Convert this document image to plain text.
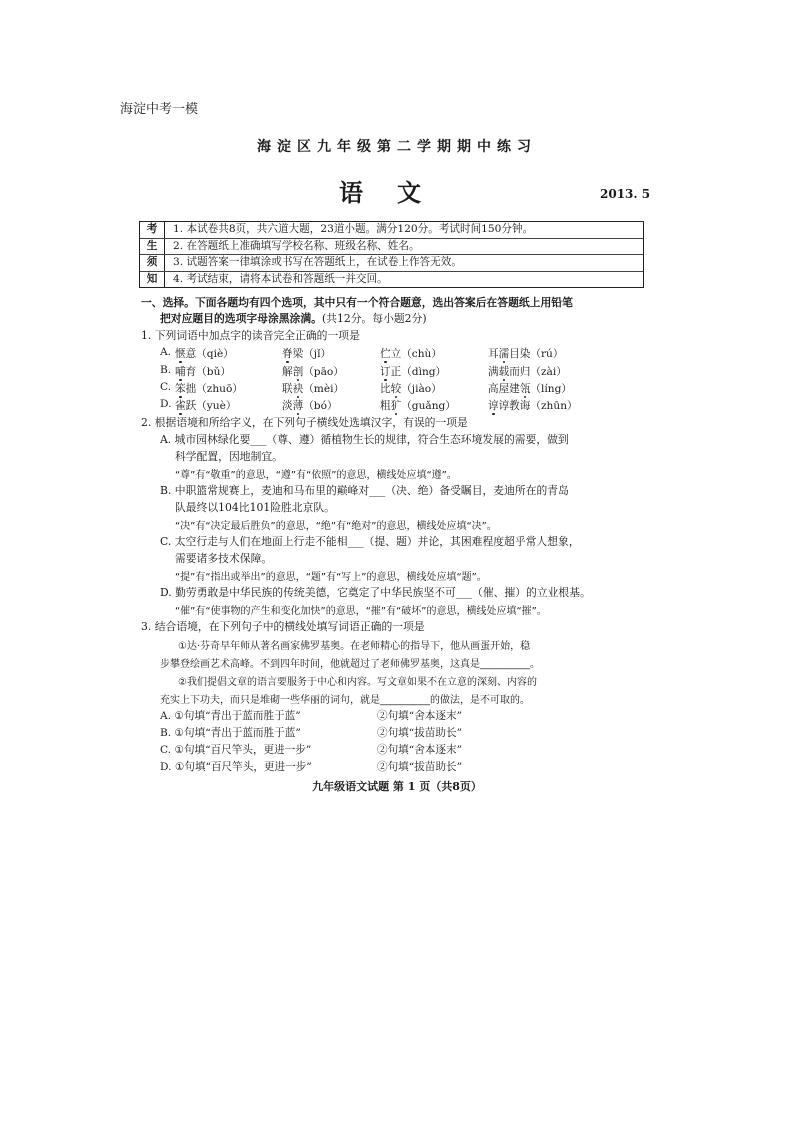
海淀中考一模
海淀区九年级第二学期期中练习
语文	2013. 5
考	1. 本试卷共8页，共六道大题，23道小题。满分120分。考试时间150分钟。
生	2. 在答题纸上准确填写学校名称、班级名称、姓名。
须	3. 试题答案一律填涂或书写在答题纸上，在试卷上作答无效。
知	4. 考试结束，请将本试卷和答题纸一并交回。
一、选择。下面各题均有四个选项，其中只有一个符合题意，选出答案后在答题纸上用铅笔
把对应题目的选项字母涂黑涂满。(共12分。每小题2分)
1. 下列词语中加点字的读音完全正确的一项是
A. 惬意（qiè）	脊梁（jǐ）	伫立（chù）	耳濡目染（rú）
B. 哺育（bǔ）	解剖（pāo）	订正（dìng）	满载而归（zài）
C. 笨拙（zhuō）	联袂（mèi）	比较（jiào）	高屋建瓴（líng）
D. 雀跃（yuè）	淡薄（bó）	粗犷（guǎng）	谆谆教诲（zhūn）
2. 根据语境和所给字义，在下列句子横线处选填汉字，有误的一项是
A. 城市园林绿化要___（尊、遵）循植物生长的规律，符合生态环境发展的需要，做到
科学配置，因地制宜。
“尊”有“敬重”的意思，“遵”有“依照”的意思，横线处应填“遵”。
B. 中职篮常规赛上，麦迪和马布里的巅峰对___（决、绝）备受瞩目，麦迪所在的青岛
队最终以104比101险胜北京队。
“决”有“决定最后胜负”的意思，“绝”有“绝对”的意思，横线处应填“决”。
C. 太空行走与人们在地面上行走不能相___（提、题）并论，其困难程度超乎常人想象，
需要诸多技术保障。
“提”有“指出或举出”的意思，“题”有“写上”的意思，横线处应填“题”。
D. 勤劳勇敢是中华民族的传统美德，它奠定了中华民族坚不可___（催、摧）的立业根基。
“催”有“使事物的产生和变化加快”的意思，“摧”有“破坏”的意思，横线处应填“摧”。
3. 结合语境，在下列句子中的横线处填写词语正确的一项是
①达·芬奇早年师从著名画家佛罗基奥。在老师精心的指导下，他从画蛋开始，稳
步攀登绘画艺术高峰。不到四年时间，他就超过了老师佛罗基奥，这真是__________。
②我们提倡文章的语言要服务于中心和内容。写文章如果不在立意的深刻、内容的
充实上下功夫，而只是堆砌一些华丽的词句，就是__________的做法，是不可取的。
A. ①句填“青出于蓝而胜于蓝”	②句填“舍本逐末”
B. ①句填“青出于蓝而胜于蓝”	②句填“拔苗助长”
C. ①句填“百尺竿头，更进一步”	②句填“舍本逐末”
D. ①句填“百尺竿头，更进一步”	②句填“拔苗助长”
九年级语文试题 第 1 页（共8页）
